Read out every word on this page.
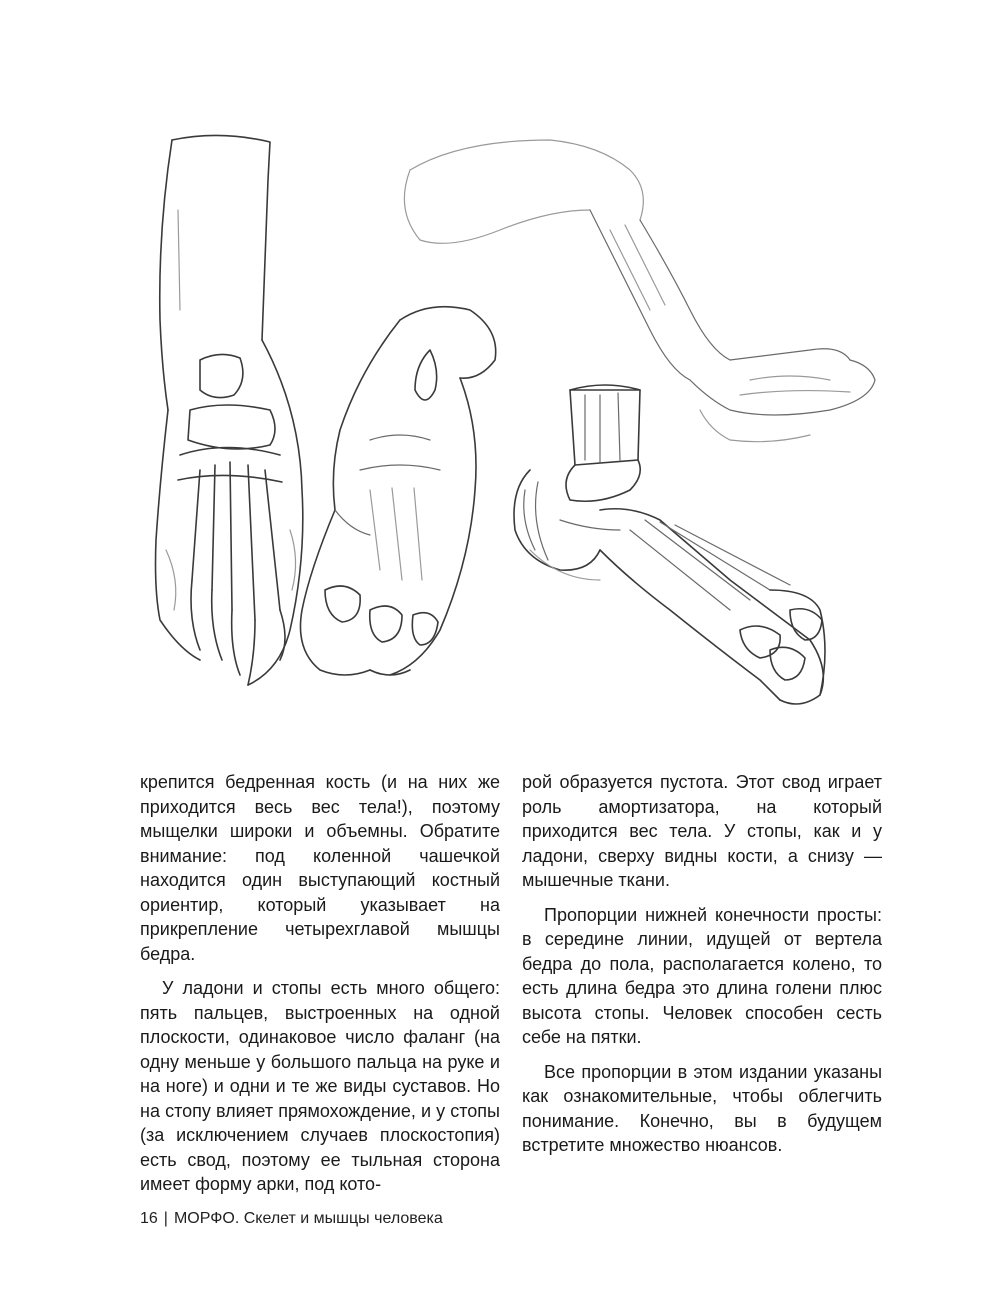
крепится бедренная кость (и на них же приходится весь вес тела!), поэтому мыщелки широки и объемны. Обратите внимание: под коленной чашечкой находится один выступающий костный ориентир, который указывает на прикрепление четырехглавой мышцы бедра.

У ладони и стопы есть много общего: пять пальцев, выстроенных на одной плоскости, одинаковое число фаланг (на одну меньше у большого пальца на руке и на ноге) и одни и те же виды суставов. Но на стопу влияет прямохождение, и у стопы (за исключением случаев плоскостопия) есть свод, поэтому ее тыльная сторона имеет форму арки, под кото-

рой образуется пустота. Этот свод играет роль амортизатора, на который приходится вес тела. У стопы, как и у ладони, сверху видны кости, а снизу — мышечные ткани.

Пропорции нижней конечности просты: в середине линии, идущей от вертела бедра до пола, располагается колено, то есть длина бедра это длина голени плюс высота стопы. Человек способен сесть себе на пятки.

Все пропорции в этом издании указаны как ознакомительные, чтобы облегчить понимание. Конечно, вы в будущем встретите множество нюансов.

16 | МОРФО. Скелет и мышцы человека
